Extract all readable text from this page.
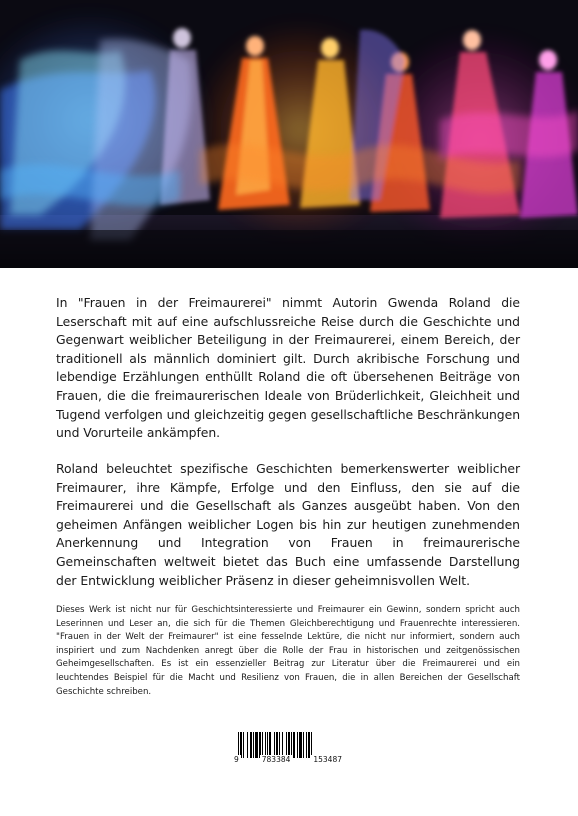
In "Frauen in der Freimaurerei" nimmt Autorin Gwenda Roland die Leserschaft mit auf eine aufschlussreiche Reise durch die Geschichte und Gegenwart weiblicher Beteiligung in der Freimaurerei, einem Bereich, der traditionell als männlich dominiert gilt. Durch akribische Forschung und lebendige Erzählungen enthüllt Roland die oft übersehenen Beiträge von Frauen, die die freimaurerischen Ideale von Brüderlichkeit, Gleichheit und Tugend verfolgen und gleichzeitig gegen gesellschaftliche Beschränkungen und Vorurteile ankämpfen.

Roland beleuchtet spezifische Geschichten bemerkenswerter weiblicher Freimaurer, ihre Kämpfe, Erfolge und den Einfluss, den sie auf die Freimaurerei und die Gesellschaft als Ganzes ausgeübt haben. Von den geheimen Anfängen weiblicher Logen bis hin zur heutigen zunehmenden Anerkennung und Integration von Frauen in freimaurerische Gemeinschaften weltweit bietet das Buch eine umfassende Darstellung der Entwicklung weiblicher Präsenz in dieser geheimnisvollen Welt.

Dieses Werk ist nicht nur für Geschichtsinteressierte und Freimaurer ein Gewinn, sondern spricht auch Leserinnen und Leser an, die sich für die Themen Gleichberechtigung und Frauenrechte interessieren. "Frauen in der Welt der Freimaurer" ist eine fesselnde Lektüre, die nicht nur informiert, sondern auch inspiriert und zum Nachdenken anregt über die Rolle der Frau in historischen und zeitgenössischen Geheimgesellschaften. Es ist ein essenzieller Beitrag zur Literatur über die Freimaurerei und ein leuchtendes Beispiel für die Macht und Resilienz von Frauen, die in allen Bereichen der Gesellschaft Geschichte schreiben.

9	783384	153487
